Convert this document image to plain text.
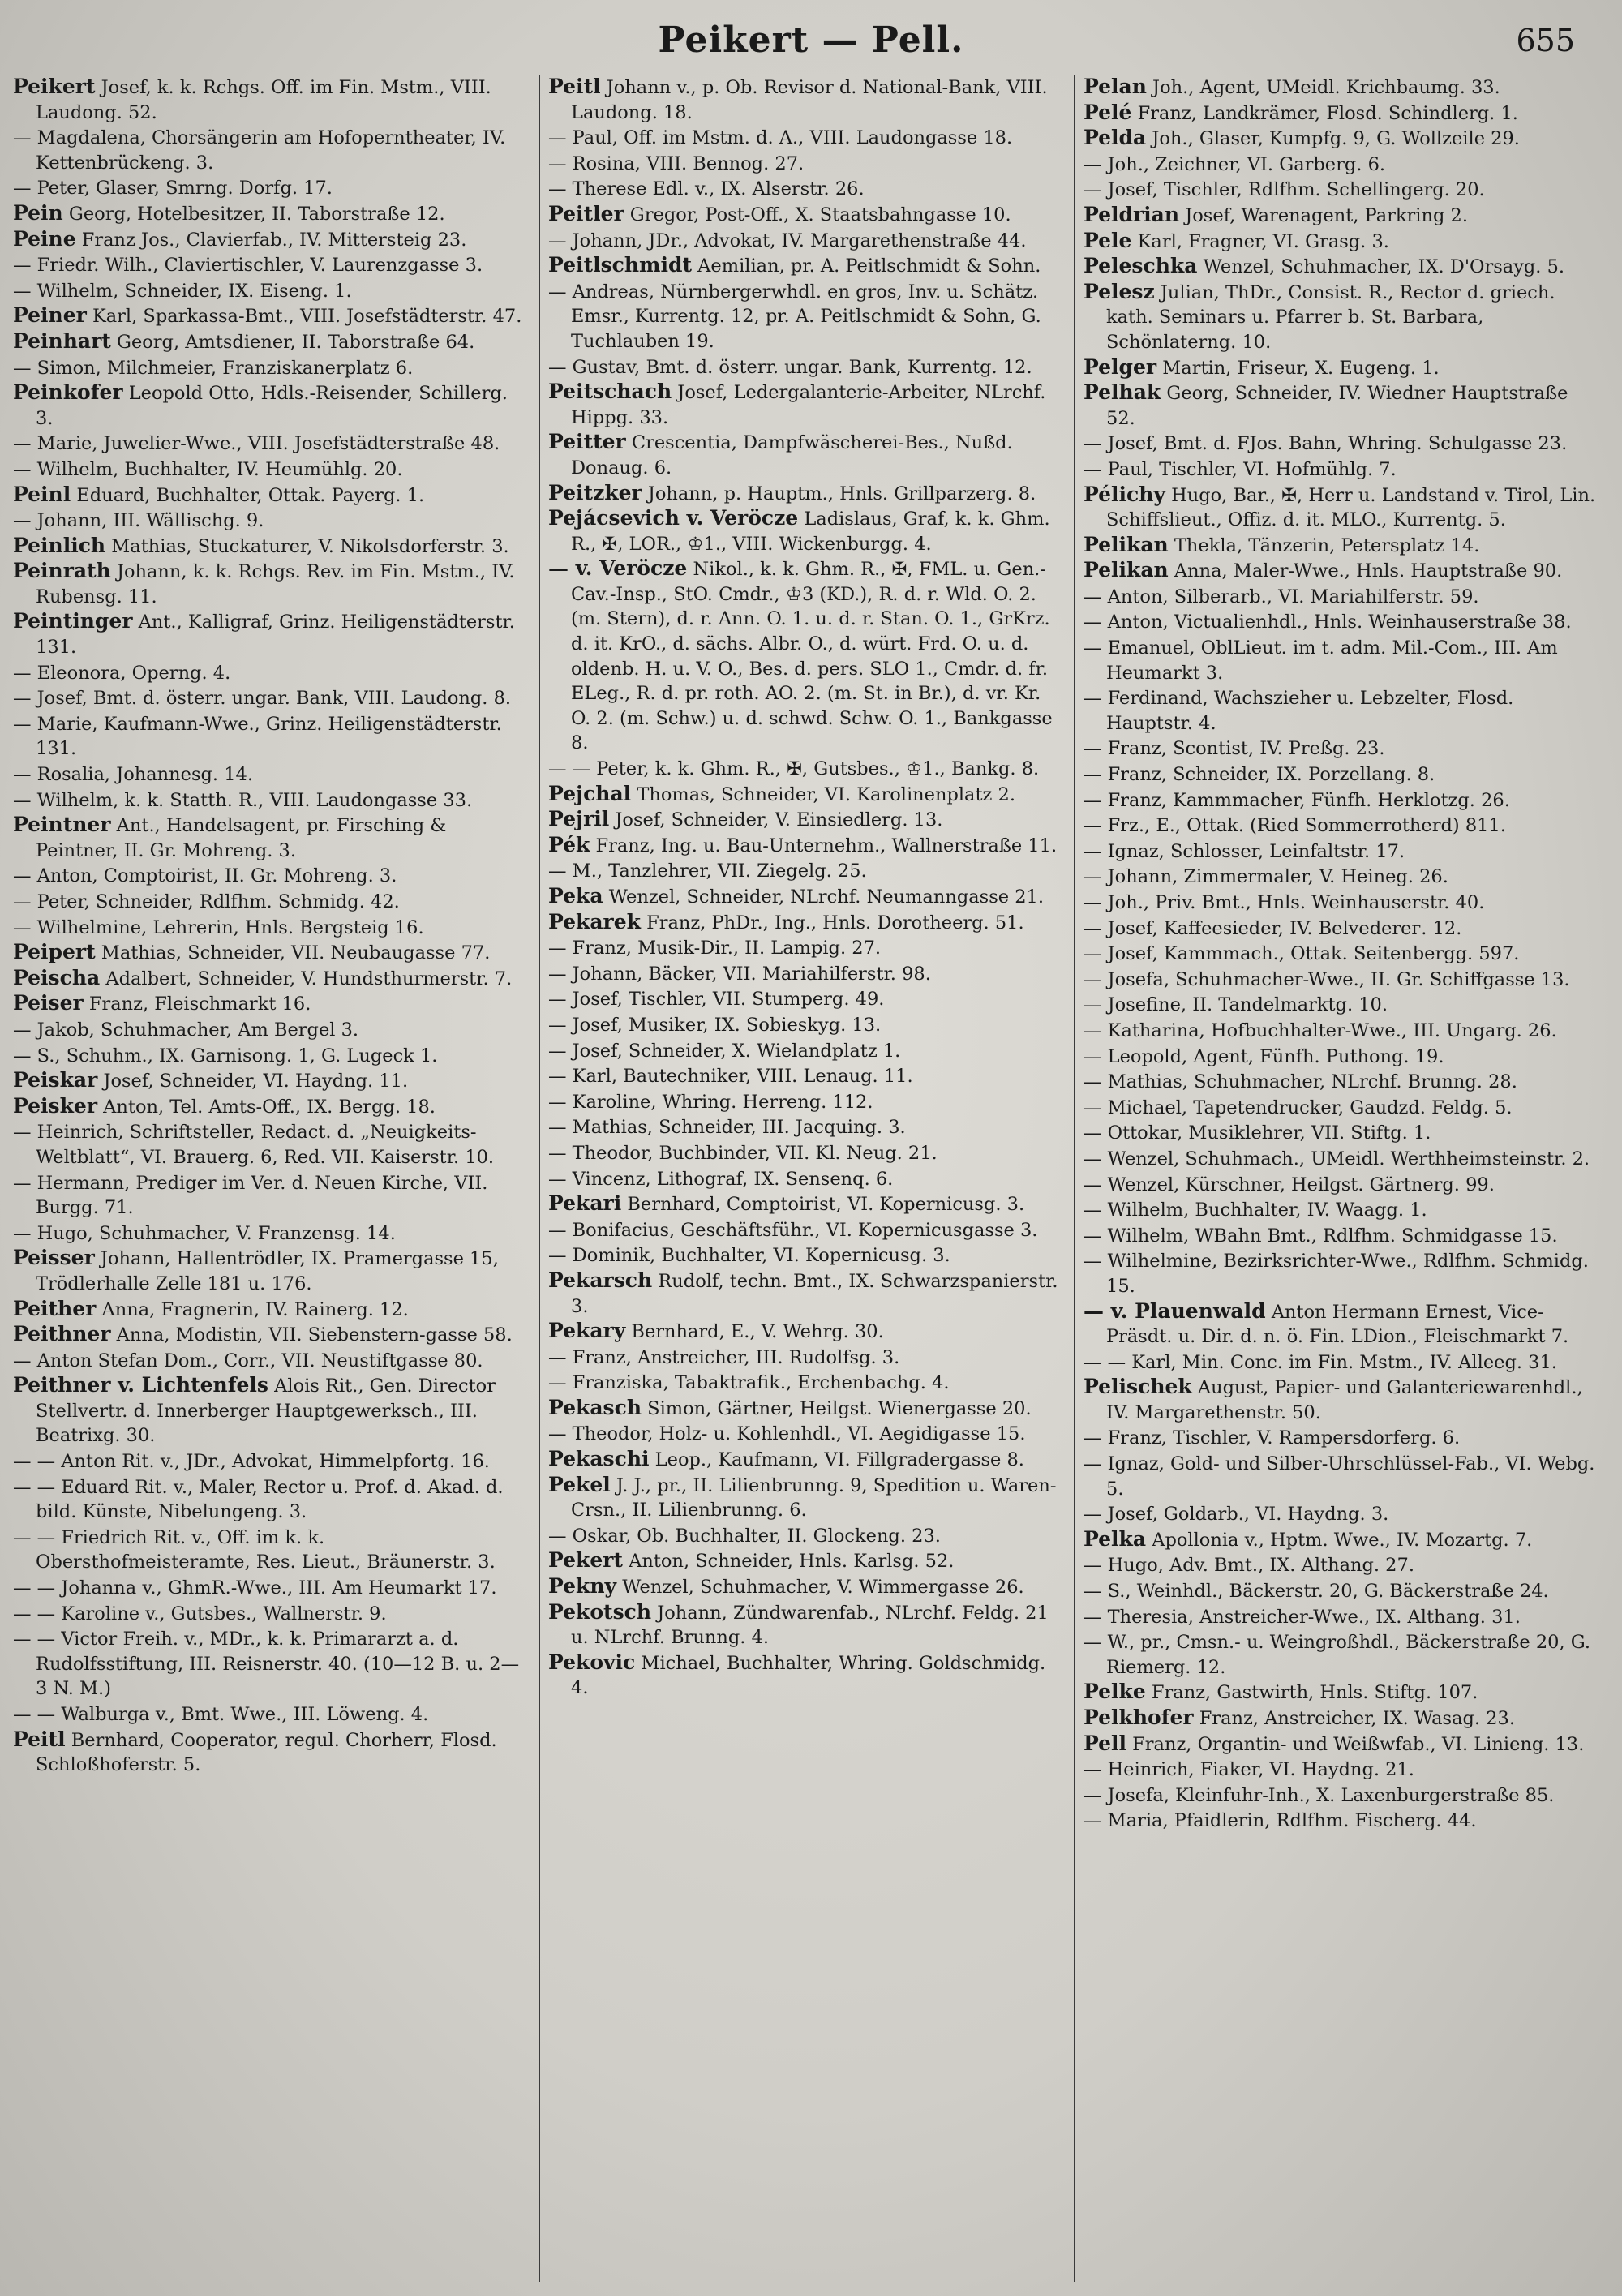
Peikert — Pell.	655

Peikert Josef, k. k. Rchgs. Off. im Fin. Mstm., VIII. Laudong. 52.

— Magdalena, Chorsängerin am Hofoperntheater, IV. Kettenbrückeng. 3.

— Peter, Glaser, Smrng. Dorfg. 17.

Pein Georg, Hotelbesitzer, II. Taborstraße 12.

Peine Franz Jos., Clavierfab., IV. Mittersteig 23.

— Friedr. Wilh., Claviertischler, V. Laurenzgasse 3.

— Wilhelm, Schneider, IX. Eiseng. 1.

Peiner Karl, Sparkassa-Bmt., VIII. Josefstädterstr. 47.

Peinhart Georg, Amtsdiener, II. Taborstraße 64.

— Simon, Milchmeier, Franziskanerplatz 6.

Peinkofer Leopold Otto, Hdls.-Reisender, Schillerg. 3.

— Marie, Juwelier-Wwe., VIII. Josefstädterstraße 48.

— Wilhelm, Buchhalter, IV. Heumühlg. 20.

Peinl Eduard, Buchhalter, Ottak. Payerg. 1.

— Johann, III. Wällischg. 9.

Peinlich Mathias, Stuckaturer, V. Nikolsdorferstr. 3.

Peinrath Johann, k. k. Rchgs. Rev. im Fin. Mstm., IV. Rubensg. 11.

Peintinger Ant., Kalligraf, Grinz. Heiligenstädterstr. 131.

— Eleonora, Operng. 4.

— Josef, Bmt. d. österr. ungar. Bank, VIII. Laudong. 8.

— Marie, Kaufmann-Wwe., Grinz. Heiligenstädterstr. 131.

— Rosalia, Johannesg. 14.

— Wilhelm, k. k. Statth. R., VIII. Laudongasse 33.

Peintner Ant., Handelsagent, pr. Firsching & Peintner, II. Gr. Mohreng. 3.

— Anton, Comptoirist, II. Gr. Mohreng. 3.

— Peter, Schneider, Rdlfhm. Schmidg. 42.

— Wilhelmine, Lehrerin, Hnls. Bergsteig 16.

Peipert Mathias, Schneider, VII. Neubaugasse 77.

Peischa Adalbert, Schneider, V. Hundsthurmerstr. 7.

Peiser Franz, Fleischmarkt 16.

— Jakob, Schuhmacher, Am Bergel 3.

— S., Schuhm., IX. Garnisong. 1, G. Lugeck 1.

Peiskar Josef, Schneider, VI. Haydng. 11.

Peisker Anton, Tel. Amts-Off., IX. Bergg. 18.

— Heinrich, Schriftsteller, Redact. d. „Neuigkeits-Weltblatt“, VI. Brauerg. 6, Red. VII. Kaiserstr. 10.

— Hermann, Prediger im Ver. d. Neuen Kirche, VII. Burgg. 71.

— Hugo, Schuhmacher, V. Franzensg. 14.

Peisser Johann, Hallentrödler, IX. Pramergasse 15, Trödlerhalle Zelle 181 u. 176.

Peither Anna, Fragnerin, IV. Rainerg. 12.

Peithner Anna, Modistin, VII. Siebenstern-gasse 58.

— Anton Stefan Dom., Corr., VII. Neustiftgasse 80.

Peithner v. Lichtenfels Alois Rit., Gen. Director Stellvertr. d. Innerberger Hauptgewerksch., III. Beatrixg. 30.

— — Anton Rit. v., JDr., Advokat, Himmelpfortg. 16.

— — Eduard Rit. v., Maler, Rector u. Prof. d. Akad. d. bild. Künste, Nibelungeng. 3.

— — Friedrich Rit. v., Off. im k. k. Obersthofmeisteramte, Res. Lieut., Bräunerstr. 3.

— — Johanna v., GhmR.-Wwe., III. Am Heumarkt 17.

— — Karoline v., Gutsbes., Wallnerstr. 9.

— — Victor Freih. v., MDr., k. k. Primararzt a. d. Rudolfsstiftung, III. Reisnerstr. 40. (10—12 B. u. 2—3 N. M.)

— — Walburga v., Bmt. Wwe., III. Löweng. 4.

Peitl Bernhard, Cooperator, regul. Chorherr, Flosd. Schloßhoferstr. 5.

Peitl Johann v., p. Ob. Revisor d. National-Bank, VIII. Laudong. 18.

— Paul, Off. im Mstm. d. A., VIII. Laudongasse 18.

— Rosina, VIII. Bennog. 27.

— Therese Edl. v., IX. Alserstr. 26.

Peitler Gregor, Post-Off., X. Staatsbahngasse 10.

— Johann, JDr., Advokat, IV. Margarethenstraße 44.

Peitlschmidt Aemilian, pr. A. Peitlschmidt & Sohn.

— Andreas, Nürnbergerwhdl. en gros, Inv. u. Schätz. Emsr., Kurrentg. 12, pr. A. Peitlschmidt & Sohn, G. Tuchlauben 19.

— Gustav, Bmt. d. österr. ungar. Bank, Kurrentg. 12.

Peitschach Josef, Ledergalanterie-Arbeiter, NLrchf. Hippg. 33.

Peitter Crescentia, Dampfwäscherei-Bes., Nußd. Donaug. 6.

Peitzker Johann, p. Hauptm., Hnls. Grillparzerg. 8.

Pejácsevich v. Veröcze Ladislaus, Graf, k. k. Ghm. R., ✠, LOR., ♔1., VIII. Wickenburgg. 4.

— v. Veröcze Nikol., k. k. Ghm. R., ✠, FML. u. Gen.-Cav.-Insp., StO. Cmdr., ♔3 (KD.), R. d. r. Wld. O. 2. (m. Stern), d. r. Ann. O. 1. u. d. r. Stan. O. 1., GrKrz. d. it. KrO., d. sächs. Albr. O., d. würt. Frd. O. u. d. oldenb. H. u. V. O., Bes. d. pers. SLO 1., Cmdr. d. fr. ELeg., R. d. pr. roth. AO. 2. (m. St. in Br.), d. vr. Kr. O. 2. (m. Schw.) u. d. schwd. Schw. O. 1., Bankgasse 8.

— — Peter, k. k. Ghm. R., ✠, Gutsbes., ♔1., Bankg. 8.

Pejchal Thomas, Schneider, VI. Karolinenplatz 2.

Pejril Josef, Schneider, V. Einsiedlerg. 13.

Pék Franz, Ing. u. Bau-Unternehm., Wallnerstraße 11.

— M., Tanzlehrer, VII. Ziegelg. 25.

Peka Wenzel, Schneider, NLrchf. Neumanngasse 21.

Pekarek Franz, PhDr., Ing., Hnls. Dorotheerg. 51.

— Franz, Musik-Dir., II. Lampig. 27.

— Johann, Bäcker, VII. Mariahilferstr. 98.

— Josef, Tischler, VII. Stumperg. 49.

— Josef, Musiker, IX. Sobieskyg. 13.

— Josef, Schneider, X. Wielandplatz 1.

— Karl, Bautechniker, VIII. Lenaug. 11.

— Karoline, Whring. Herreng. 112.

— Mathias, Schneider, III. Jacquing. 3.

— Theodor, Buchbinder, VII. Kl. Neug. 21.

— Vincenz, Lithograf, IX. Sensenq. 6.

Pekari Bernhard, Comptoirist, VI. Kopernicusg. 3.

— Bonifacius, Geschäftsführ., VI. Kopernicusgasse 3.

— Dominik, Buchhalter, VI. Kopernicusg. 3.

Pekarsch Rudolf, techn. Bmt., IX. Schwarzspanierstr. 3.

Pekary Bernhard, E., V. Wehrg. 30.

— Franz, Anstreicher, III. Rudolfsg. 3.

— Franziska, Tabaktrafik., Erchenbachg. 4.

Pekasch Simon, Gärtner, Heilgst. Wienergasse 20.

— Theodor, Holz- u. Kohlenhdl., VI. Aegidigasse 15.

Pekaschi Leop., Kaufmann, VI. Fillgradergasse 8.

Pekel J. J., pr., II. Lilienbrunng. 9, Spedition u. Waren-Crsn., II. Lilienbrunng. 6.

— Oskar, Ob. Buchhalter, II. Glockeng. 23.

Pekert Anton, Schneider, Hnls. Karlsg. 52.

Pekny Wenzel, Schuhmacher, V. Wimmergasse 26.

Pekotsch Johann, Zündwarenfab., NLrchf. Feldg. 21 u. NLrchf. Brunng. 4.

Pekovic Michael, Buchhalter, Whring. Goldschmidg. 4.

Pelan Joh., Agent, UMeidl. Krichbaumg. 33.

Pelé Franz, Landkrämer, Flosd. Schindlerg. 1.

Pelda Joh., Glaser, Kumpfg. 9, G. Wollzeile 29.

— Joh., Zeichner, VI. Garberg. 6.

— Josef, Tischler, Rdlfhm. Schellingerg. 20.

Peldrian Josef, Warenagent, Parkring 2.

Pele Karl, Fragner, VI. Grasg. 3.

Peleschka Wenzel, Schuhmacher, IX. D'Orsayg. 5.

Pelesz Julian, ThDr., Consist. R., Rector d. griech. kath. Seminars u. Pfarrer b. St. Barbara, Schönlaterng. 10.

Pelger Martin, Friseur, X. Eugeng. 1.

Pelhak Georg, Schneider, IV. Wiedner Hauptstraße 52.

— Josef, Bmt. d. FJos. Bahn, Whring. Schulgasse 23.

— Paul, Tischler, VI. Hofmühlg. 7.

Pélichy Hugo, Bar., ✠, Herr u. Landstand v. Tirol, Lin. Schiffslieut., Offiz. d. it. MLO., Kurrentg. 5.

Pelikan Thekla, Tänzerin, Petersplatz 14.

Pelikan Anna, Maler-Wwe., Hnls. Hauptstraße 90.

— Anton, Silberarb., VI. Mariahilferstr. 59.

— Anton, Victualienhdl., Hnls. Weinhauserstraße 38.

— Emanuel, OblLieut. im t. adm. Mil.-Com., III. Am Heumarkt 3.

— Ferdinand, Wachszieher u. Lebzelter, Flosd. Hauptstr. 4.

— Franz, Scontist, IV. Preßg. 23.

— Franz, Schneider, IX. Porzellang. 8.

— Franz, Kammmacher, Fünfh. Herklotzg. 26.

— Frz., E., Ottak. (Ried Sommerrotherd) 811.

— Ignaz, Schlosser, Leinfaltstr. 17.

— Johann, Zimmermaler, V. Heineg. 26.

— Joh., Priv. Bmt., Hnls. Weinhauserstr. 40.

— Josef, Kaffeesieder, IV. Belvederег. 12.

— Josef, Kammmach., Ottak. Seitenbergg. 597.

— Josefa, Schuhmacher-Wwe., II. Gr. Schiffgasse 13.

— Josefine, II. Tandelmarktg. 10.

— Katharina, Hofbuchhalter-Wwe., III. Ungarg. 26.

— Leopold, Agent, Fünfh. Puthong. 19.

— Mathias, Schuhmacher, NLrchf. Brunng. 28.

— Michael, Tapetendrucker, Gaudzd. Feldg. 5.

— Ottokar, Musiklehrer, VII. Stiftg. 1.

— Wenzel, Schuhmach., UMeidl. Werthheimsteinstr. 2.

— Wenzel, Kürschner, Heilgst. Gärtnerg. 99.

— Wilhelm, Buchhalter, IV. Waagg. 1.

— Wilhelm, WBahn Bmt., Rdlfhm. Schmidgasse 15.

— Wilhelmine, Bezirksrichter-Wwe., Rdlfhm. Schmidg. 15.

— v. Plauenwald Anton Hermann Ernest, Vice-Präsdt. u. Dir. d. n. ö. Fin. LDion., Fleischmarkt 7.

— — Karl, Min. Conc. im Fin. Mstm., IV. Alleeg. 31.

Pelischek August, Papier- und Galanteriewarenhdl., IV. Margarethenstr. 50.

— Franz, Tischler, V. Rampersdorferg. 6.

— Ignaz, Gold- und Silber-Uhrschlüssel-Fab., VI. Webg. 5.

— Josef, Goldarb., VI. Haydng. 3.

Pelka Apollonia v., Hptm. Wwe., IV. Mozartg. 7.

— Hugo, Adv. Bmt., IX. Althang. 27.

— S., Weinhdl., Bäckerstr. 20, G. Bäckerstraße 24.

— Theresia, Anstreicher-Wwe., IX. Althang. 31.

— W., pr., Cmsn.- u. Weingroßhdl., Bäckerstraße 20, G. Riemerg. 12.

Pelke Franz, Gastwirth, Hnls. Stiftg. 107.

Pelkhofer Franz, Anstreicher, IX. Wasag. 23.

Pell Franz, Organtin- und Weißwfab., VI. Linieng. 13.

— Heinrich, Fiaker, VI. Haydng. 21.

— Josefa, Kleinfuhr-Inh., X. Laxenburgerstraße 85.

— Maria, Pfaidlerin, Rdlfhm. Fischerg. 44.
